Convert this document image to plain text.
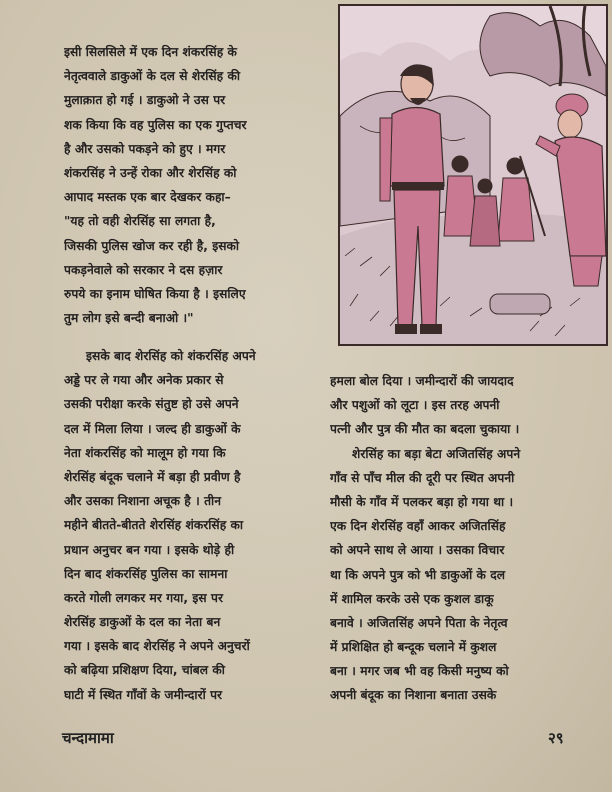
इसी सिलसिले में एक दिन शंकरसिंह के
नेतृत्ववाले डाकुओं के दल से शेरसिंह की
मुलाक़ात हो गई । डाकुओ ने उस पर
शक किया कि वह पुलिस का एक गुप्तचर
है और उसको पकड़ने को हुए । मगर
शंकरसिंह ने उन्हें रोका और शेरसिंह को
आपाद मस्तक एक बार देखकर कहा–
"यह तो वही शेरसिंह सा लगता है,
जिसकी पुलिस खोज कर रही है, इसको
पकड़नेवाले को सरकार ने दस हज़ार
रुपये का इनाम घोषित किया है । इसलिए
तुम लोग इसे बन्दी बनाओ ।"
इसके बाद शेरसिंह को शंकरसिंह अपने
अड्डे पर ले गया और अनेक प्रकार से
उसकी परीक्षा करके संतुष्ट हो उसे अपने
दल में मिला लिया । जल्द ही डाकुओं के
नेता शंकरसिंह को मालूम हो गया कि
शेरसिंह बंदूक चलाने में बड़ा ही प्रवीण है
और उसका निशाना अचूक है । तीन
महीने बीतते-बीतते शेरसिंह शंकरसिंह का
प्रधान अनुचर बन गया । इसके थोड़े ही
दिन बाद शंकरसिंह पुलिस का सामना
करते गोली लगकर मर गया, इस पर
शेरसिंह डाकुओं के दल का नेता बन
गया । इसके बाद शेरसिंह ने अपने अनुचरों
को बढ़िया प्रशिक्षण दिया, चांबल की
घाटी में स्थित गाँवों के जमीन्दारों पर
हमला बोल दिया । जमीन्दारों की जायदाद
और पशुओं को लूटा । इस तरह अपनी
पत्नी और पुत्र की मौत का बदला चुकाया ।
शेरसिंह का बड़ा बेटा अजितसिंह अपने
गाँव से पाँच मील की दूरी पर स्थित अपनी
मौसी के गाँव में पलकर बड़ा हो गया था ।
एक दिन शेरसिंह वहाँ आकर अजितसिंह
को अपने साथ ले आया । उसका विचार
था कि अपने पुत्र को भी डाकुओं के दल
में शामिल करके उसे एक कुशल डाकू
बनावे । अजितसिंह अपने पिता के नेतृत्व
में प्रशिक्षित हो बन्दूक चलाने में कुशल
बना । मगर जब भी वह किसी मनुष्य को
अपनी बंदूक का निशाना बनाता उसके
चन्दामामा	२९
